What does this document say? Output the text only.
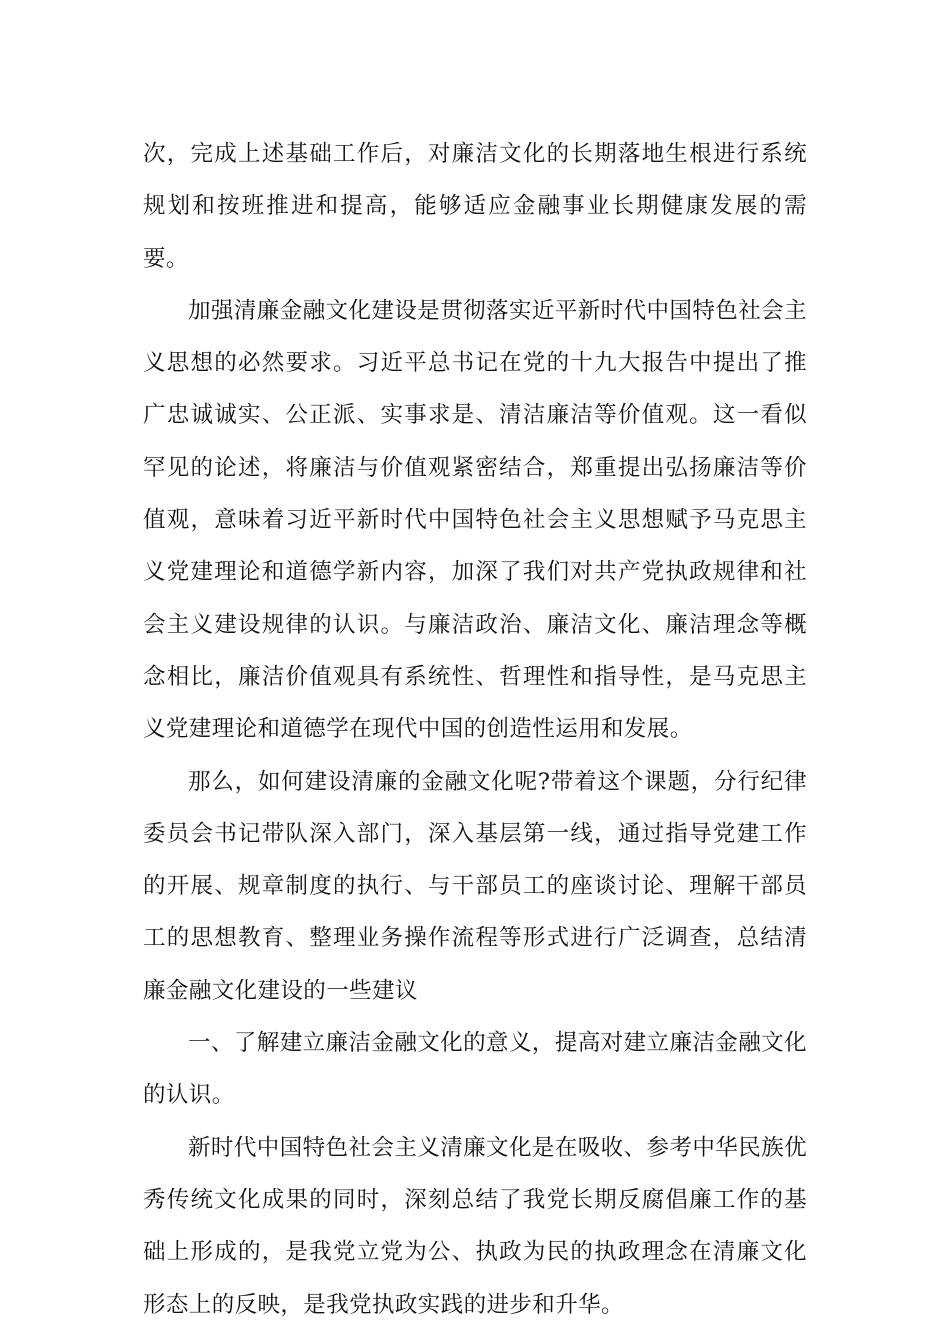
次，完成上述基础工作后，对廉洁文化的长期落地生根进行系统规划和按班推进和提高，能够适应金融事业长期健康发展的需要。

加强清廉金融文化建设是贯彻落实近平新时代中国特色社会主义思想的必然要求。习近平总书记在党的十九大报告中提出了推广忠诚诚实、公正派、实事求是、清洁廉洁等价值观。这一看似罕见的论述，将廉洁与价值观紧密结合，郑重提出弘扬廉洁等价值观，意味着习近平新时代中国特色社会主义思想赋予马克思主义党建理论和道德学新内容，加深了我们对共产党执政规律和社会主义建设规律的认识。与廉洁政治、廉洁文化、廉洁理念等概念相比，廉洁价值观具有系统性、哲理性和指导性，是马克思主义党建理论和道德学在现代中国的创造性运用和发展。

那么，如何建设清廉的金融文化呢?带着这个课题，分行纪律委员会书记带队深入部门，深入基层第一线，通过指导党建工作的开展、规章制度的执行、与干部员工的座谈讨论、理解干部员工的思想教育、整理业务操作流程等形式进行广泛调查，总结清廉金融文化建设的一些建议

一、了解建立廉洁金融文化的意义，提高对建立廉洁金融文化的认识。

新时代中国特色社会主义清廉文化是在吸收、参考中华民族优秀传统文化成果的同时，深刻总结了我党长期反腐倡廉工作的基础上形成的，是我党立党为公、执政为民的执政理念在清廉文化形态上的反映，是我党执政实践的进步和升华。
